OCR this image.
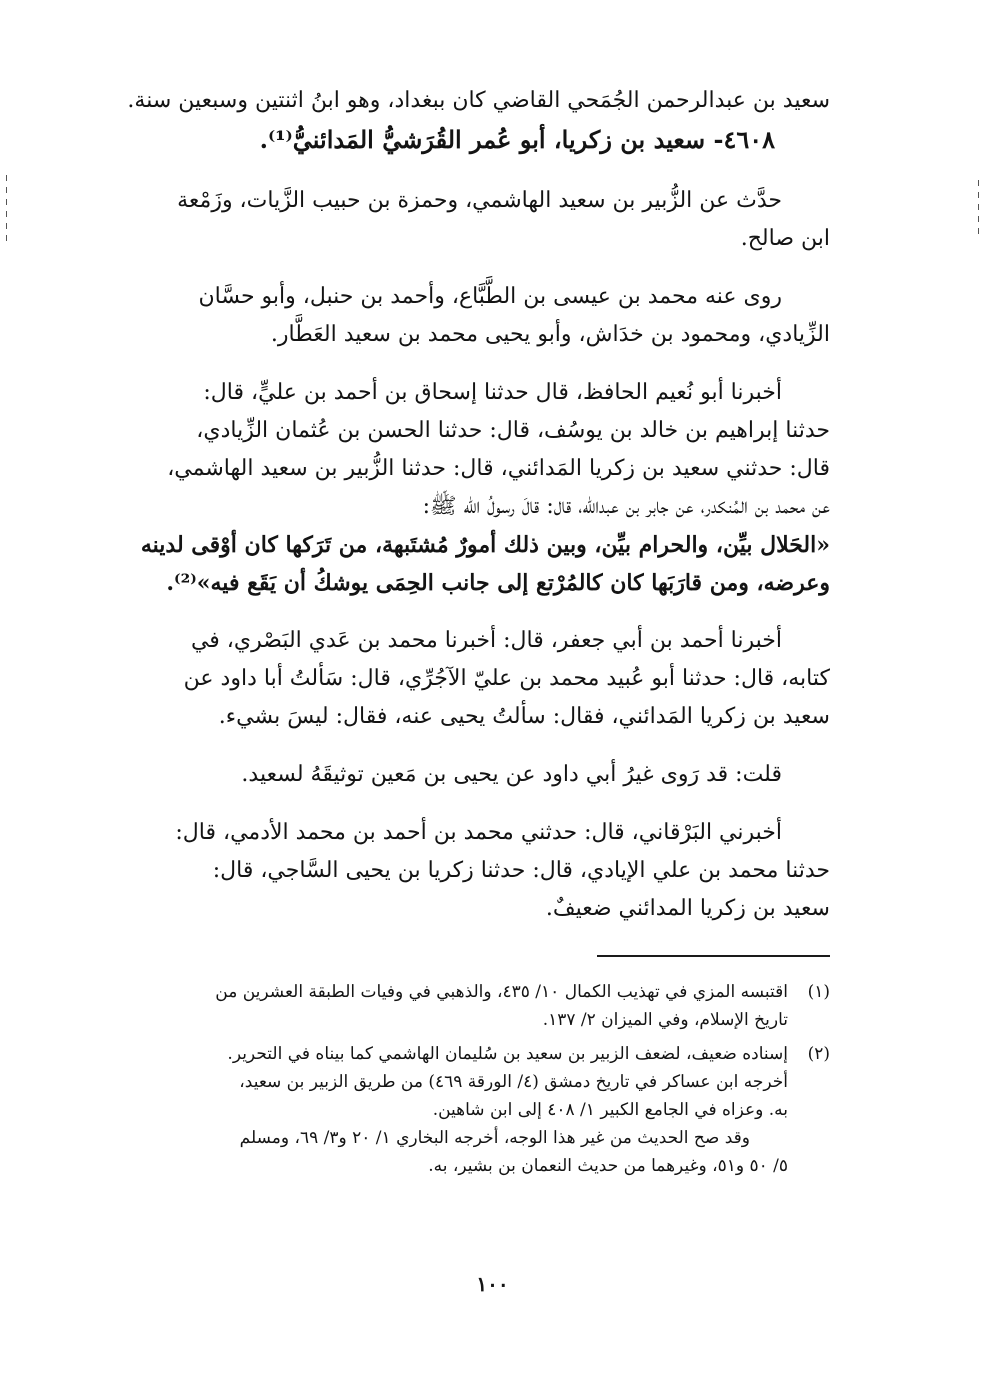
سعيد بن عبدالرحمن الجُمَحي القاضي كان ببغداد، وهو ابنُ اثنتين وسبعين سنة.

٤٦٠٨- سعيد بن زكريا، أبو عُمر القُرَشيُّ المَدائنيُّ⁽¹⁾.

حدَّث عن الزُّبير بن سعيد الهاشمي، وحمزة بن حبيب الزَّيات، وزَمْعة

ابن صالح.

روى عنه محمد بن عيسى بن الطَّبَّاع، وأحمد بن حنبل، وأبو حسَّان

الزِّيادي، ومحمود بن خدَاش، وأبو يحيى محمد بن سعيد العَطَّار.

أخبرنا أبو نُعيم الحافظ، قال حدثنا إسحاق بن أحمد بن عليٍّ، قال:

حدثنا إبراهيم بن خالد بن يوسُف، قال: حدثنا الحسن بن عُثمان الزِّيادي،

قال: حدثني سعيد بن زكريا المَدائني، قال: حدثنا الزُّبير بن سعيد الهاشمي،

عن محمد بن المُنكدر، عن جابر بن عبدالله، قال: قالَ رسولُ الله ﷺ:

«الحَلال بيِّن، والحرام بيِّن، وبين ذلك أمورٌ مُشتَبهة، من تَرَكها كان أوْقى لدينه

وعرضه، ومن قارَبَها كان كالمُرْتع إلى جانب الحِمَى يوشكُ أن يَقَع فيه»⁽²⁾.

أخبرنا أحمد بن أبي جعفر، قال: أخبرنا محمد بن عَدي البَصْري، في

كتابه، قال: حدثنا أبو عُبيد محمد بن عليّ الآجُرِّي، قال: سَألتُ أبا داود عن

سعيد بن زكريا المَدائني، فقال: سألتُ يحيى عنه، فقال: ليسَ بشيء.

قلت: قد رَوى غيرُ أبي داود عن يحيى بن مَعين توثيقَهُ لسعيد.

أخبرني البَرْقاني، قال: حدثني محمد بن أحمد بن محمد الأدمي، قال:

حدثنا محمد بن علي الإيادي، قال: حدثنا زكريا بن يحيى السَّاجي، قال:

سعيد بن زكريا المدائني ضعيفٌ.

(١)اقتبسه المزي في تهذيب الكمال ١٠/ ٤٣٥، والذهبي في وفيات الطبقة العشرين من

تاريخ الإسلام، وفي الميزان ٢/ ١٣٧.

(٢)إسناده ضعيف، لضعف الزبير بن سعيد بن سُليمان الهاشمي كما بيناه في التحرير.

أخرجه ابن عساكر في تاريخ دمشق (٤/ الورقة ٤٦٩) من طريق الزبير بن سعيد،

به. وعزاه في الجامع الكبير ١/ ٤٠٨ إلى ابن شاهين.

وقد صح الحديث من غير هذا الوجه، أخرجه البخاري ١/ ٢٠ و٣/ ٦٩، ومسلم

٥/ ٥٠ و٥١، وغيرهما من حديث النعمان بن بشير، به.

١٠٠
